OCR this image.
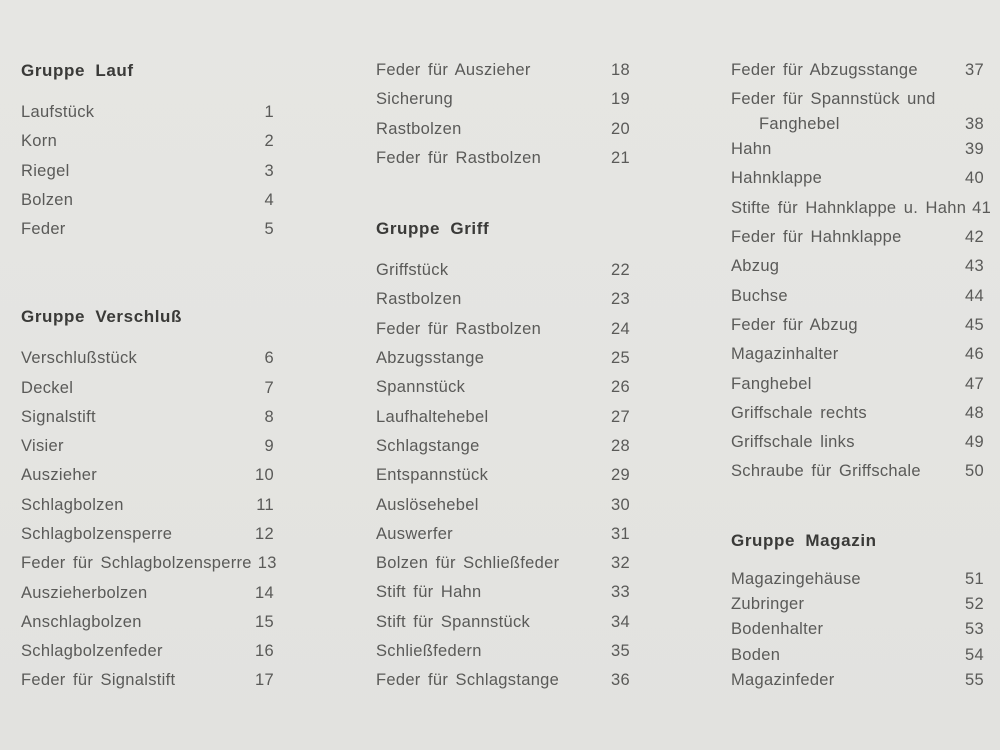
Gruppe Lauf
Laufstück	1
Korn	2
Riegel	3
Bolzen	4
Feder	5
Gruppe Verschluß
Verschlußstück	6
Deckel	7
Signalstift	8
Visier	9
Auszieher	10
Schlagbolzen	11
Schlagbolzensperre	12
Feder für Schlagbolzensperre 13
Auszieherbolzen	14
Anschlagbolzen	15
Schlagbolzenfeder	16
Feder für Signalstift	17
Feder für Auszieher	18
Sicherung	19
Rastbolzen	20
Feder für Rastbolzen	21
Gruppe Griff
Griffstück	22
Rastbolzen	23
Feder für Rastbolzen	24
Abzugsstange	25
Spannstück	26
Laufhaltehebel	27
Schlagstange	28
Entspannstück	29
Auslösehebel	30
Auswerfer	31
Bolzen für Schließfeder	32
Stift für Hahn	33
Stift für Spannstück	34
Schließfedern	35
Feder für Schlagstange	36
Feder für Abzugsstange	37
Feder für Spannstück und
Fanghebel	38
Hahn	39
Hahnklappe	40
Stifte für Hahnklappe u. Hahn 41
Feder für Hahnklappe	42
Abzug	43
Buchse	44
Feder für Abzug	45
Magazinhalter	46
Fanghebel	47
Griffschale rechts	48
Griffschale links	49
Schraube für Griffschale	50
Gruppe Magazin
Magazingehäuse	51
Zubringer	52
Bodenhalter	53
Boden	54
Magazinfeder	55
